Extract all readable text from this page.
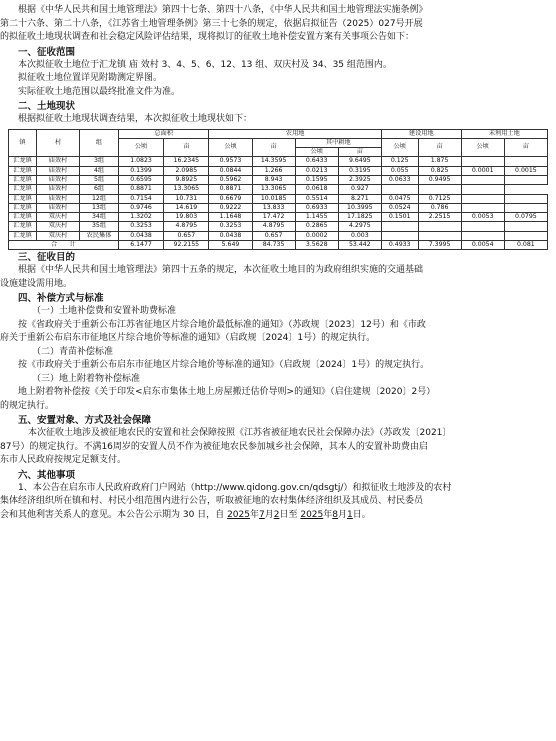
根据《中华人民共和国土地管理法》第四十七条、第四十八条，《中华人民共和国土地管理法实施条例》

第二十六条、第二十八条，《江苏省土地管理条例》第三十七条的规定，依据启拟征告（2025）027号开展

的拟征收土地现状调查和社会稳定风险评估结果，现将拟订的征收土地补偿安置方案有关事项公告如下：

一、征收范围

本次拟征收土地位于汇龙镇 庙 效村 3、4、5、6、12、13 组、双庆村及 34、35 组范围内。

拟征收土地位置详见附勘测定界图。

实际征收土地范围以最终批准文件为准。

二、土地现状

根据拟征收土地现状调查结果，本次拟征收土地现状如下：

镇	村	组	总面积		农用地				建设用地		未利用土地	
			公顷	亩	公顷	亩	其中耕地		公顷	亩	公顷	亩
							公顷	亩				
汇龙镇	庙效村	3组	1.0823	16.2345	0.9573	14.3595	0.6433	9.6495	0.125	1.875		
汇龙镇	庙效村	4组	0.1399	2.0985	0.0844	1.266	0.0213	0.3195	0.055	0.825	0.0001	0.0015
汇龙镇	庙效村	5组	0.6595	9.8925	0.5962	8.943	0.1595	2.3925	0.0633	0.9495		
汇龙镇	庙效村	6组	0.8871	13.3065	0.8871	13.3065	0.0618	0.927				
汇龙镇	庙效村	12组	0.7154	10.731	0.6679	10.0185	0.5514	8.271	0.0475	0.7125		
汇龙镇	庙效村	13组	0.9746	14.619	0.9222	13.833	0.6933	10.3995	0.0524	0.786		
汇龙镇	双庆村	34组	1.3202	19.803	1.1648	17.472	1.1455	17.1825	0.1501	2.2515	0.0053	0.0795
汇龙镇	双庆村	35组	0.3253	4.8795	0.3253	4.8795	0.2865	4.2975				
汇龙镇	双庆村	农民集体	0.0438	0.657	0.0438	0.657	0.0002	0.003				
合　　计			6.1477	92.2155	5.649	84.735	3.5628	53.442	0.4933	7.3995	0.0054	0.081

三、征收目的

根据《中华人民共和国土地管理法》第四十五条的规定，本次征收土地目的为政府组织实施的交通基础

设施建设需用地。

四、补偿方式与标准

（一）土地补偿费和安置补助费标准

按《省政府关于重新公布江苏省征地区片综合地价最低标准的通知》（苏政规〔2023〕12号）和《市政

府关于重新公布启东市征地区片综合地价等标准的通知》（启政规〔2024〕1号）的规定执行。

（二）青苗补偿标准

按《市政府关于重新公布启东市征地区片综合地价等标准的通知》（启政规〔2024〕1号）的规定执行。

（三）地上附着物补偿标准

地上附着物补偿按《关于印发<启东市集体土地上房屋搬迁估价导则>的通知》（启住建规〔2020〕2号）

的规定执行。

五、安置对象、方式及社会保障

本次征收土地涉及被征地农民的安置和社会保障按照《江苏省被征地农民社会保障办法》（苏政发〔2021〕

87号）的规定执行。不满16周岁的安置人员不作为被征地农民参加城乡社会保障，其本人的安置补助费由启

东市人民政府按规定足额支付。

六、其他事项

1、本公告在启东市人民政府政府门户网站（http://www.qidong.gov.cn/qdsgtj/）和拟征收土地涉及的农村

集体经济组织所在镇和村、村民小组范围内进行公告，听取被征地的农村集体经济组织及其成员、村民委员

会和其他利害关系人的意见。本公告公示期为 30 日，自 2025年7月2日至 2025年8月1日。
